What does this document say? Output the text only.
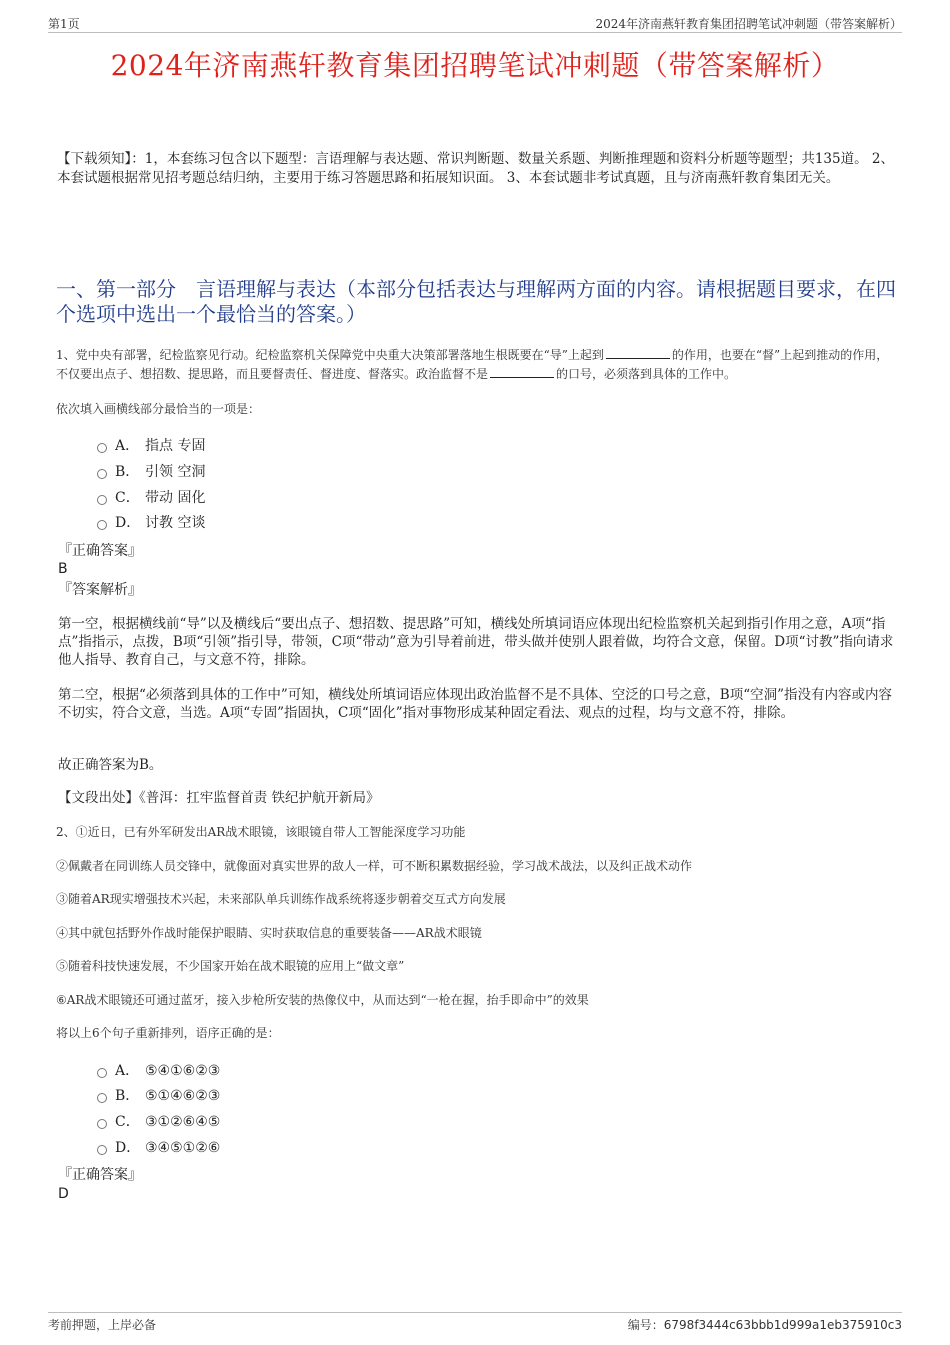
第1页	2024年济南燕轩教育集团招聘笔试冲刺题（带答案解析）
2024年济南燕轩教育集团招聘笔试冲刺题（带答案解析）
【下载须知】：1，本套练习包含以下题型：言语理解与表达题、常识判断题、数量关系题、判断推理题和资料分析题等题型；共135道。 2、本套试题根据常见招考题总结归纳，主要用于练习答题思路和拓展知识面。 3、本套试题非考试真题，且与济南燕轩教育集团无关。
一、第一部分　言语理解与表达（本部分包括表达与理解两方面的内容。请根据题目要求，在四个选项中选出一个最恰当的答案。）
1、党中央有部署，纪检监察见行动。纪检监察机关保障党中央重大决策部署落地生根既要在“导”上起到	的作用，也要在“督”上起到推动的作用，不仅要出点子、想招数、提思路，而且要督责任、督进度、督落实。政治监督不是	的口号，必须落到具体的工作中。
依次填入画横线部分最恰当的一项是：
A． 指点 专固
B． 引领 空洞
C． 带动 固化
D． 讨教 空谈
『正确答案』
B
『答案解析』
第一空，根据横线前“导”以及横线后“要出点子、想招数、提思路”可知，横线处所填词语应体现出纪检监察机关起到指引作用之意，A项“指点”指指示，点拨，B项“引领”指引导，带领，C项“带动”意为引导着前进，带头做并使别人跟着做，均符合文意，保留。D项“讨教”指向请求他人指导、教育自己，与文意不符，排除。
第二空，根据“必须落到具体的工作中”可知，横线处所填词语应体现出政治监督不是不具体、空泛的口号之意，B项“空洞”指没有内容或内容不切实，符合文意，当选。A项“专固”指固执，C项“固化”指对事物形成某种固定看法、观点的过程，均与文意不符，排除。
故正确答案为B。
【文段出处】《普洱：扛牢监督首责 铁纪护航开新局》
2、①近日，已有外军研发出AR战术眼镜，该眼镜自带人工智能深度学习功能
②佩戴者在同训练人员交锋中，就像面对真实世界的敌人一样，可不断积累数据经验，学习战术战法，以及纠正战术动作
③随着AR现实增强技术兴起，未来部队单兵训练作战系统将逐步朝着交互式方向发展
④其中就包括野外作战时能保护眼睛、实时获取信息的重要装备——AR战术眼镜
⑤随着科技快速发展，不少国家开始在战术眼镜的应用上“做文章”
⑥AR战术眼镜还可通过蓝牙，接入步枪所安装的热像仪中，从而达到“一枪在握，抬手即命中”的效果
将以上6个句子重新排列，语序正确的是：
A． ⑤④①⑥②③
B． ⑤①④⑥②③
C． ③①②⑥④⑤
D． ③④⑤①②⑥
『正确答案』
D
考前押题，上岸必备	编号：6798f3444c63bbb1d999a1eb375910c3
